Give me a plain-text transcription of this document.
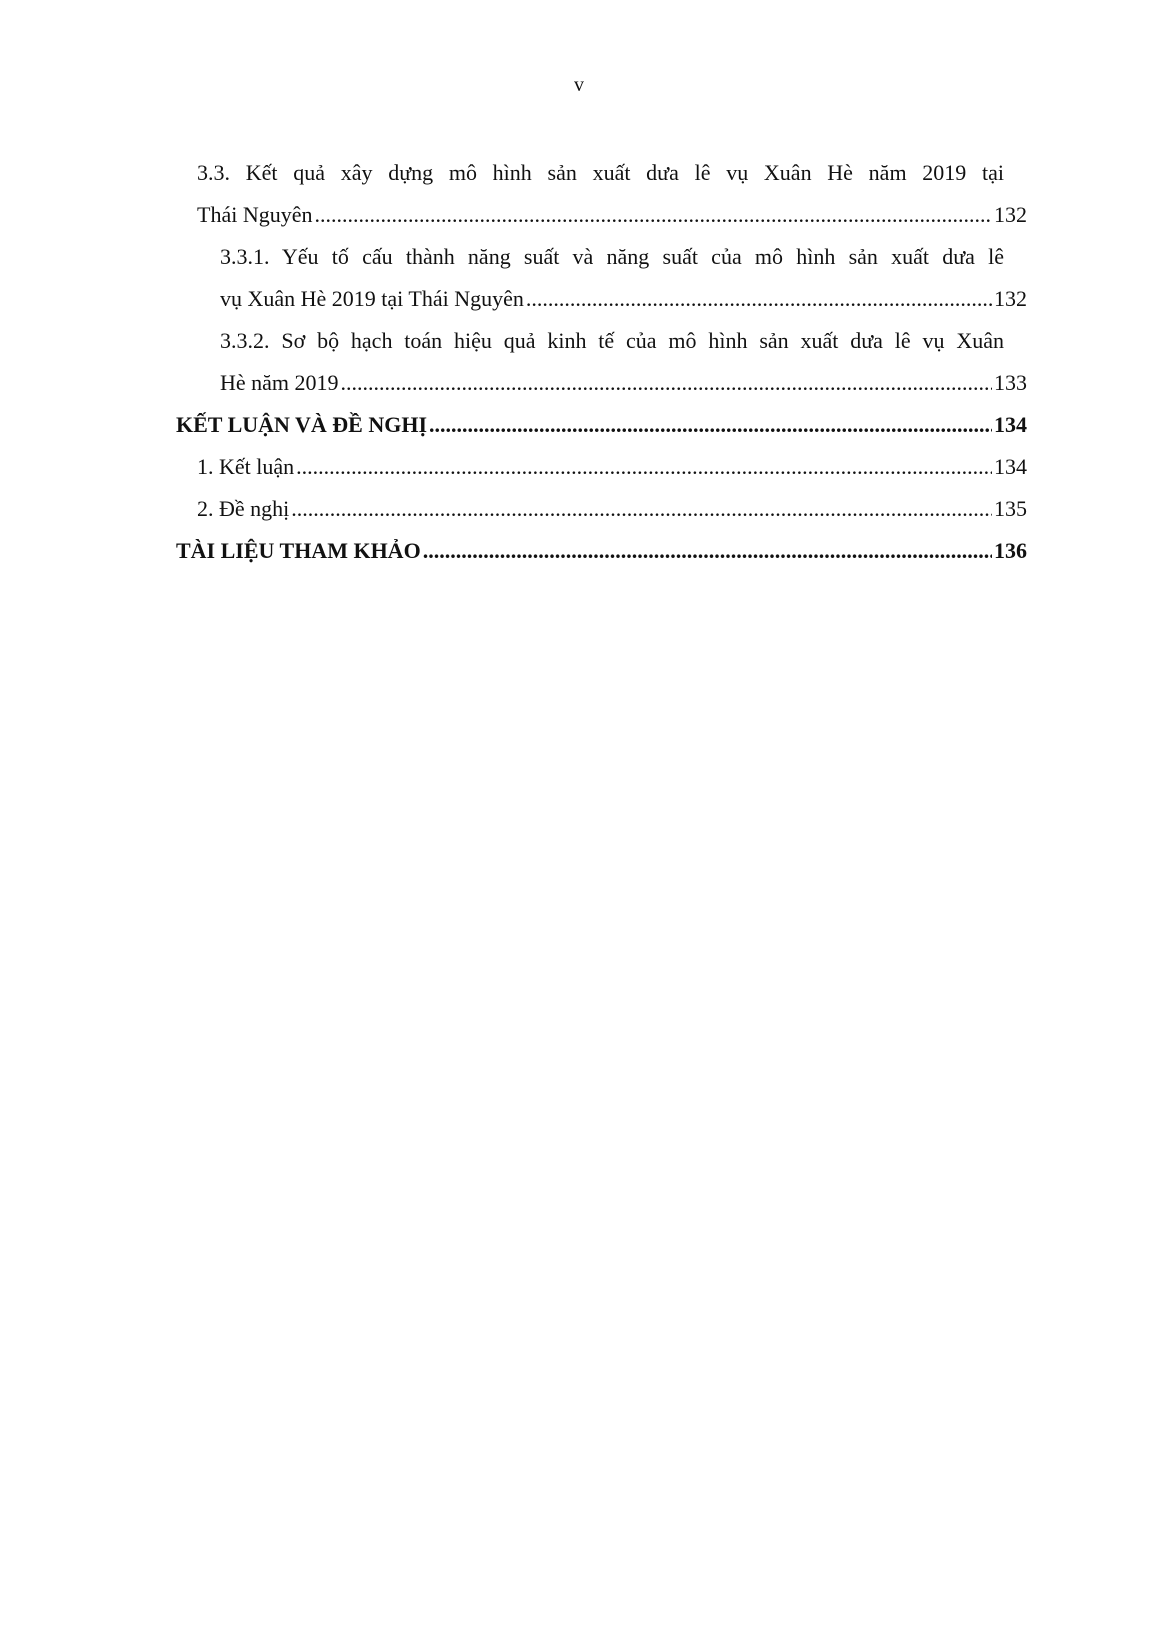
v
3.3. Kết quả xây dựng mô hình sản xuất dưa lê vụ Xuân Hè năm 2019 tại
Thái Nguyên .....	132
3.3.1. Yếu tố cấu thành năng suất và năng suất của mô hình sản xuất dưa lê
vụ Xuân Hè 2019 tại Thái Nguyên .....	132
3.3.2. Sơ bộ hạch toán hiệu quả kinh tế của mô hình sản xuất dưa lê vụ Xuân
Hè năm 2019 .....	133
KẾT LUẬN VÀ ĐỀ NGHỊ .....	134
1. Kết luận .....	134
2. Đề nghị .....	135
TÀI LIỆU THAM KHẢO .....	136
